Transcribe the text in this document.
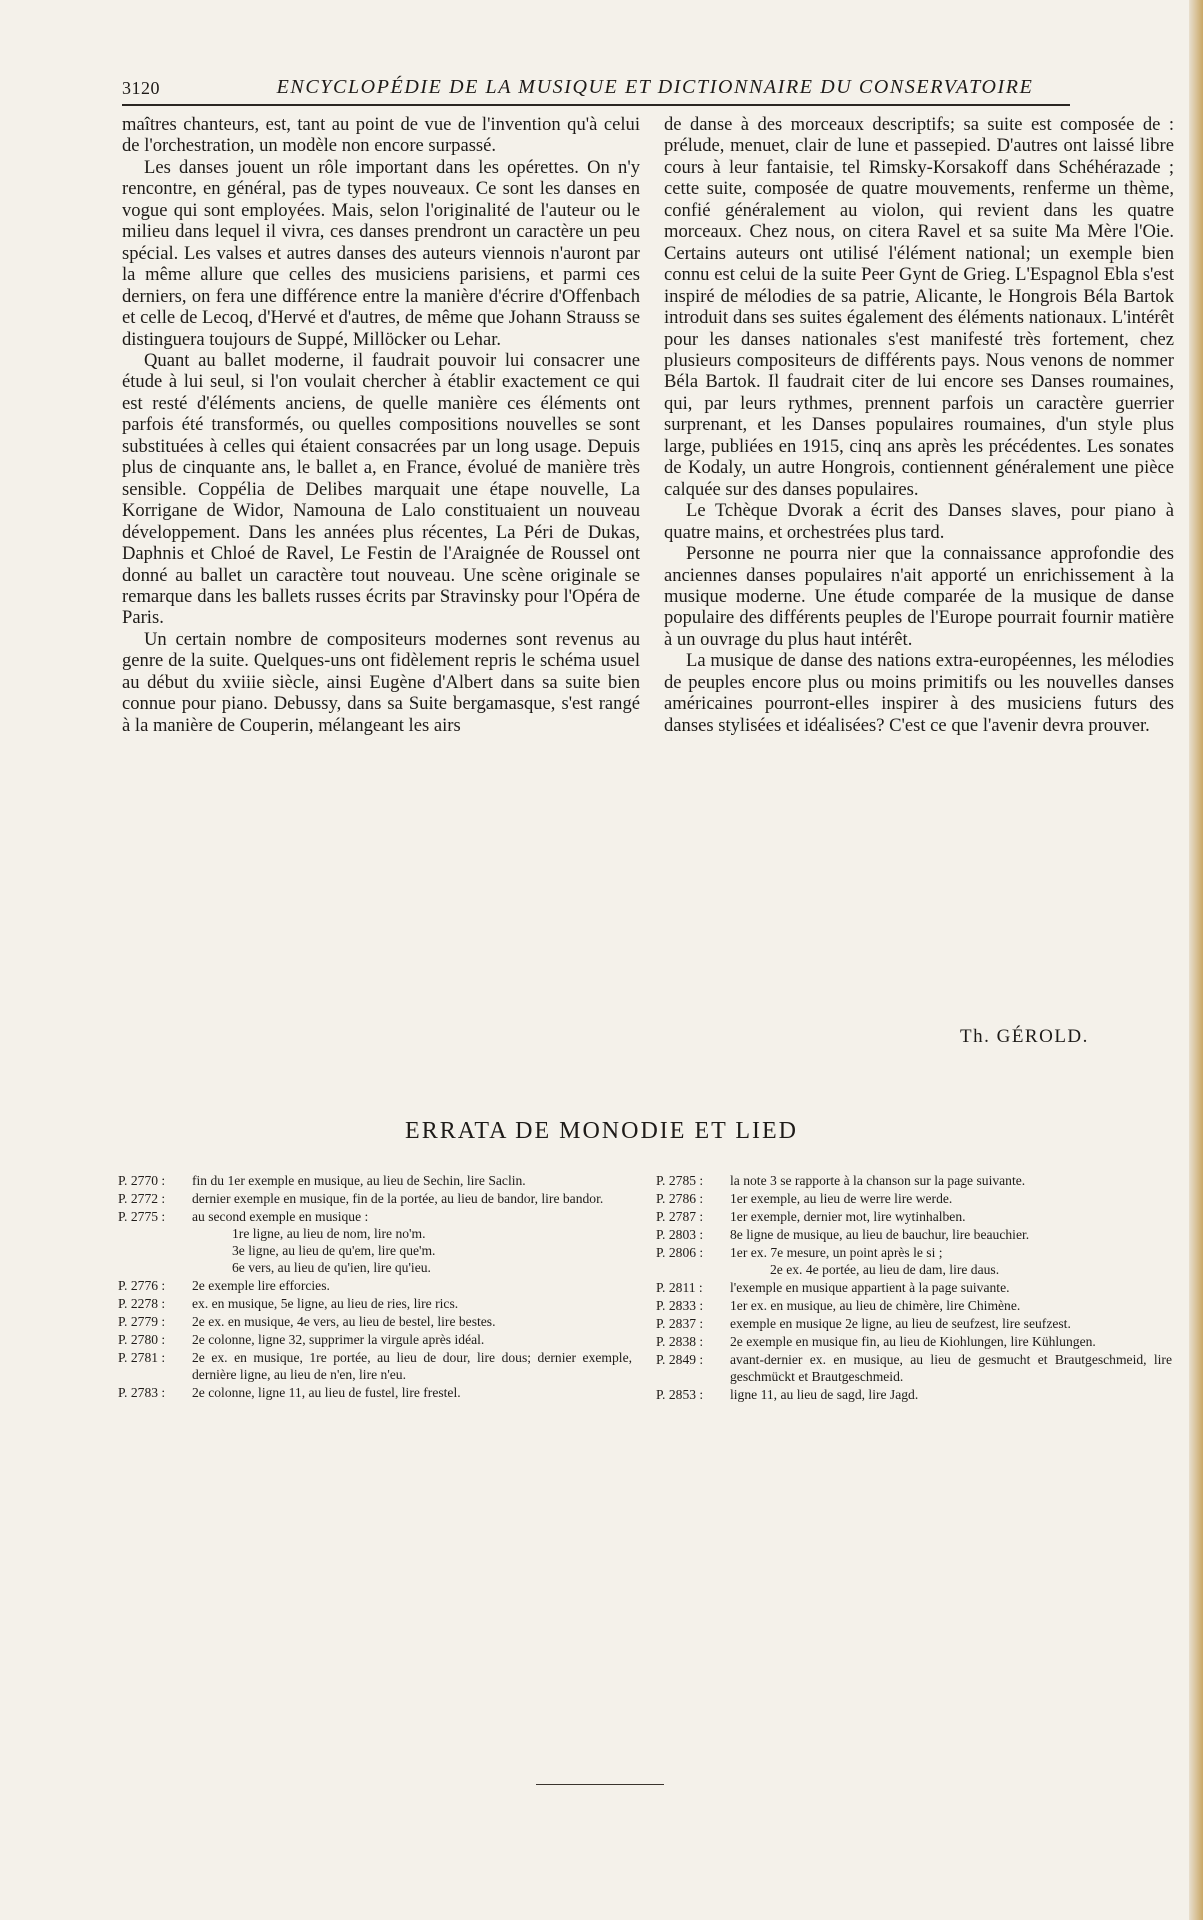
3120	ENCYCLOPÉDIE DE LA MUSIQUE ET DICTIONNAIRE DU CONSERVATOIRE

maîtres chanteurs, est, tant au point de vue de l'invention qu'à celui de l'orchestration, un modèle non encore surpassé.

Les danses jouent un rôle important dans les opérettes. On n'y rencontre, en général, pas de types nouveaux. Ce sont les danses en vogue qui sont employées. Mais, selon l'originalité de l'auteur ou le milieu dans lequel il vivra, ces danses prendront un caractère un peu spécial. Les valses et autres danses des auteurs viennois n'auront par la même allure que celles des musiciens parisiens, et parmi ces derniers, on fera une différence entre la manière d'écrire d'Offenbach et celle de Lecoq, d'Hervé et d'autres, de même que Johann Strauss se distinguera toujours de Suppé, Millöcker ou Lehar.

Quant au ballet moderne, il faudrait pouvoir lui consacrer une étude à lui seul, si l'on voulait chercher à établir exactement ce qui est resté d'éléments anciens, de quelle manière ces éléments ont parfois été transformés, ou quelles compositions nouvelles se sont substituées à celles qui étaient consacrées par un long usage. Depuis plus de cinquante ans, le ballet a, en France, évolué de manière très sensible. Coppélia de Delibes marquait une étape nouvelle, La Korrigane de Widor, Namouna de Lalo constituaient un nouveau développement. Dans les années plus récentes, La Péri de Dukas, Daphnis et Chloé de Ravel, Le Festin de l'Araignée de Roussel ont donné au ballet un caractère tout nouveau. Une scène originale se remarque dans les ballets russes écrits par Stravinsky pour l'Opéra de Paris.

Un certain nombre de compositeurs modernes sont revenus au genre de la suite. Quelques-uns ont fidèlement repris le schéma usuel au début du xviiie siècle, ainsi Eugène d'Albert dans sa suite bien connue pour piano. Debussy, dans sa Suite bergamasque, s'est rangé à la manière de Couperin, mélangeant les airs

de danse à des morceaux descriptifs; sa suite est composée de : prélude, menuet, clair de lune et passepied. D'autres ont laissé libre cours à leur fantaisie, tel Rimsky-Korsakoff dans Schéhérazade ; cette suite, composée de quatre mouvements, renferme un thème, confié généralement au violon, qui revient dans les quatre morceaux. Chez nous, on citera Ravel et sa suite Ma Mère l'Oie. Certains auteurs ont utilisé l'élément national; un exemple bien connu est celui de la suite Peer Gynt de Grieg. L'Espagnol Ebla s'est inspiré de mélodies de sa patrie, Alicante, le Hongrois Béla Bartok introduit dans ses suites également des éléments nationaux. L'intérêt pour les danses nationales s'est manifesté très fortement, chez plusieurs compositeurs de différents pays. Nous venons de nommer Béla Bartok. Il faudrait citer de lui encore ses Danses roumaines, qui, par leurs rythmes, prennent parfois un caractère guerrier surprenant, et les Danses populaires roumaines, d'un style plus large, publiées en 1915, cinq ans après les précédentes. Les sonates de Kodaly, un autre Hongrois, contiennent généralement une pièce calquée sur des danses populaires.

Le Tchèque Dvorak a écrit des Danses slaves, pour piano à quatre mains, et orchestrées plus tard.

Personne ne pourra nier que la connaissance approfondie des anciennes danses populaires n'ait apporté un enrichissement à la musique moderne. Une étude comparée de la musique de danse populaire des différents peuples de l'Europe pourrait fournir matière à un ouvrage du plus haut intérêt.

La musique de danse des nations extra-européennes, les mélodies de peuples encore plus ou moins primitifs ou les nouvelles danses américaines pourront-elles inspirer à des musiciens futurs des danses stylisées et idéalisées? C'est ce que l'avenir devra prouver.

Th. GÉROLD.
ERRATA DE MONODIE ET LIED
P. 2770 :	fin du 1er exemple en musique, au lieu de Sechin, lire Saclin.
P. 2772 :	dernier exemple en musique, fin de la portée, au lieu de bandor, lire bandor.
P. 2775 :	au second exemple en musique :
1re ligne, au lieu de nom, lire no'm.
3e ligne, au lieu de qu'em, lire que'm.
6e vers, au lieu de qu'ien, lire qu'ieu.
P. 2776 :	2e exemple lire efforcies.
P. 2278 :	ex. en musique, 5e ligne, au lieu de ries, lire rics.
P. 2779 :	2e ex. en musique, 4e vers, au lieu de bestel, lire bestes.
P. 2780 :	2e colonne, ligne 32, supprimer la virgule après idéal.
P. 2781 :	2e ex. en musique, 1re portée, au lieu de dour, lire dous; dernier exemple, dernière ligne, au lieu de n'en, lire n'eu.
P. 2783 :	2e colonne, ligne 11, au lieu de fustel, lire frestel.
P. 2785 :	la note 3 se rapporte à la chanson sur la page suivante.
P. 2786 :	1er exemple, au lieu de werre lire werde.
P. 2787 :	1er exemple, dernier mot, lire wytinhalben.
P. 2803 :	8e ligne de musique, au lieu de bauchur, lire beauchier.
P. 2806 :	1er ex. 7e mesure, un point après le si ;
2e ex. 4e portée, au lieu de dam, lire daus.
P. 2811 :	l'exemple en musique appartient à la page suivante.
P. 2833 :	1er ex. en musique, au lieu de chimère, lire Chimène.
P. 2837 :	exemple en musique 2e ligne, au lieu de seufzest, lire seufzest.
P. 2838 :	2e exemple en musique fin, au lieu de Kiohlungen, lire Kühlungen.
P. 2849 :	avant-dernier ex. en musique, au lieu de gesmucht et Brautgeschmeid, lire geschmückt et Brautgeschmeid.
P. 2853 :	ligne 11, au lieu de sagd, lire Jagd.
